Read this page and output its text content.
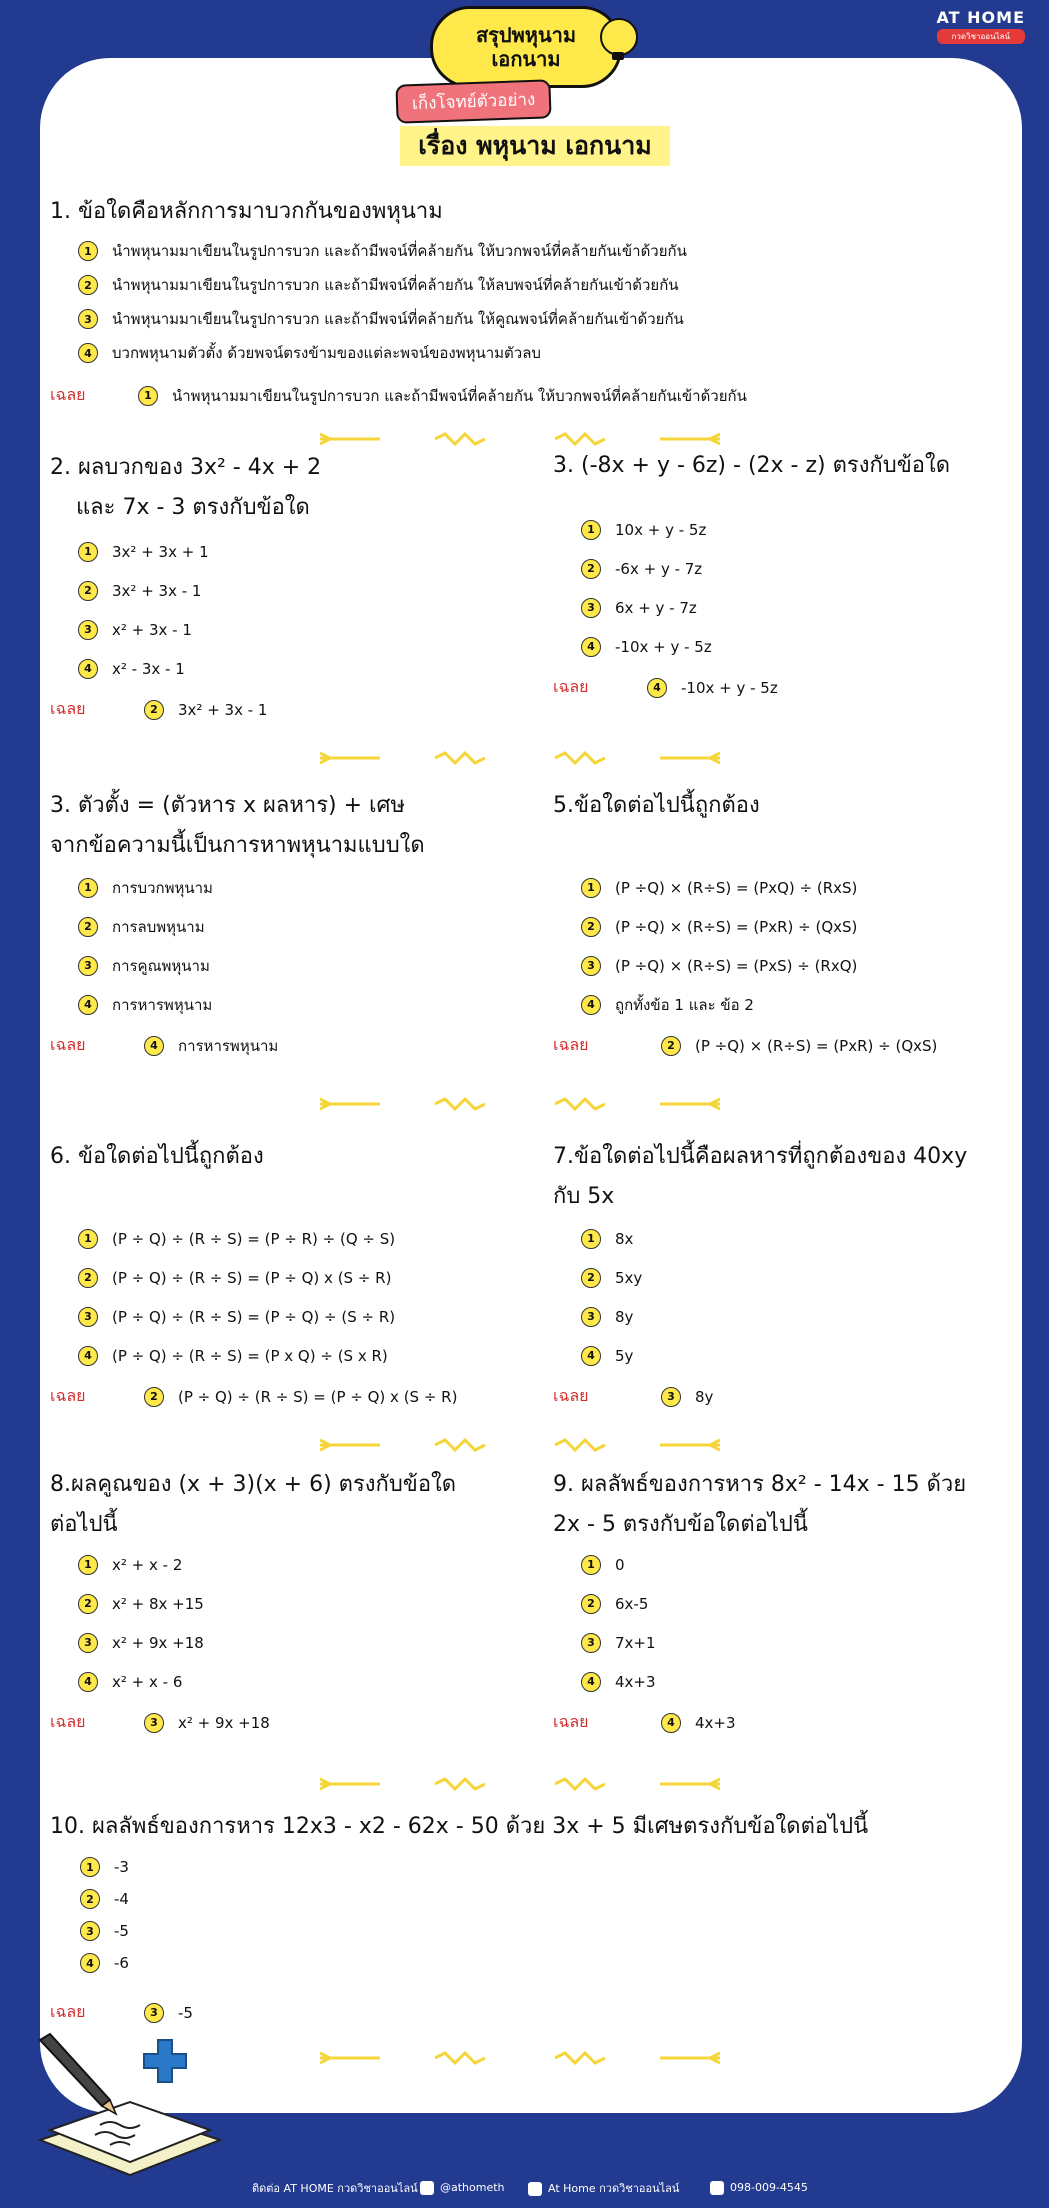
สรุปพหุนาม
เอกนาม
AT HOME
กวดวิชาออนไลน์
เก็งโจทย์ตัวอย่าง
เรื่อง พหุนาม เอกนาม
1. ข้อใดคือหลักการมาบวกกันของพหุนาม
1	นำพหุนามมาเขียนในรูปการบวก และถ้ามีพจน์ที่คล้ายกัน ให้บวกพจน์ที่คล้ายกันเข้าด้วยกัน
2	นำพหุนามมาเขียนในรูปการบวก และถ้ามีพจน์ที่คล้ายกัน ให้ลบพจน์ที่คล้ายกันเข้าด้วยกัน
3	นำพหุนามมาเขียนในรูปการบวก และถ้ามีพจน์ที่คล้ายกัน ให้คูณพจน์ที่คล้ายกันเข้าด้วยกัน
4	บวกพหุนามตัวตั้ง ด้วยพจน์ตรงข้ามของแต่ละพจน์ของพหุนามตัวลบ
เฉลย	1	นำพหุนามมาเขียนในรูปการบวก และถ้ามีพจน์ที่คล้ายกัน ให้บวกพจน์ที่คล้ายกันเข้าด้วยกัน
2. ผลบวกของ 3x² - 4x + 2
และ 7x - 3 ตรงกับข้อใด
1	3x² + 3x + 1
2	3x² + 3x - 1
3	x² + 3x - 1
4	x² - 3x - 1
เฉลย	2	3x² + 3x - 1
3. (-8x + y - 6z) - (2x - z) ตรงกับข้อใด
1	10x + y - 5z
2	-6x + y - 7z
3	6x + y - 7z
4	-10x + y - 5z
เฉลย	4	-10x + y - 5z
3. ตัวตั้ง = (ตัวหาร x ผลหาร) + เศษ
จากข้อความนี้เป็นการหาพหุนามแบบใด
1	การบวกพหุนาม
2	การลบพหุนาม
3	การคูณพหุนาม
4	การหารพหุนาม
เฉลย	4	การหารพหุนาม
5.ข้อใดต่อไปนี้ถูกต้อง
1	(P ÷Q) × (R÷S) = (PxQ) ÷ (RxS)
2	(P ÷Q) × (R÷S) = (PxR) ÷ (QxS)
3	(P ÷Q) × (R÷S) = (PxS) ÷ (RxQ)
4	ถูกทั้งข้อ 1 และ ข้อ 2
เฉลย	2	(P ÷Q) × (R÷S) = (PxR) ÷ (QxS)
6. ข้อใดต่อไปนี้ถูกต้อง
1	(P ÷ Q) ÷ (R ÷ S) = (P ÷ R) ÷ (Q ÷ S)
2	(P ÷ Q) ÷ (R ÷ S) = (P ÷ Q) x (S ÷ R)
3	(P ÷ Q) ÷ (R ÷ S) = (P ÷ Q) ÷ (S ÷ R)
4	(P ÷ Q) ÷ (R ÷ S) = (P x Q) ÷ (S x R)
เฉลย	2	(P ÷ Q) ÷ (R ÷ S) = (P ÷ Q) x (S ÷ R)
7.ข้อใดต่อไปนี้คือผลหารที่ถูกต้องของ 40xy
กับ 5x
1	8x
2	5xy
3	8y
4	5y
เฉลย	3	8y
8.ผลคูณของ (x + 3)(x + 6) ตรงกับข้อใด
ต่อไปนี้
1	x² + x - 2
2	x² + 8x +15
3	x² + 9x +18
4	x² + x - 6
เฉลย	3	x² + 9x +18
9. ผลลัพธ์ของการหาร 8x² - 14x - 15 ด้วย
2x - 5 ตรงกับข้อใดต่อไปนี้
1	0
2	6x-5
3	7x+1
4	4x+3
เฉลย	4	4x+3
10. ผลลัพธ์ของการหาร 12x3 - x2 - 62x - 50 ด้วย 3x + 5 มีเศษตรงกับข้อใดต่อไปนี้
1	-3
2	-4
3	-5
4	-6
เฉลย	3	-5
ติดต่อ AT HOME กวดวิชาออนไลน์	@athometh	At Home กวดวิชาออนไลน์	098-009-4545
